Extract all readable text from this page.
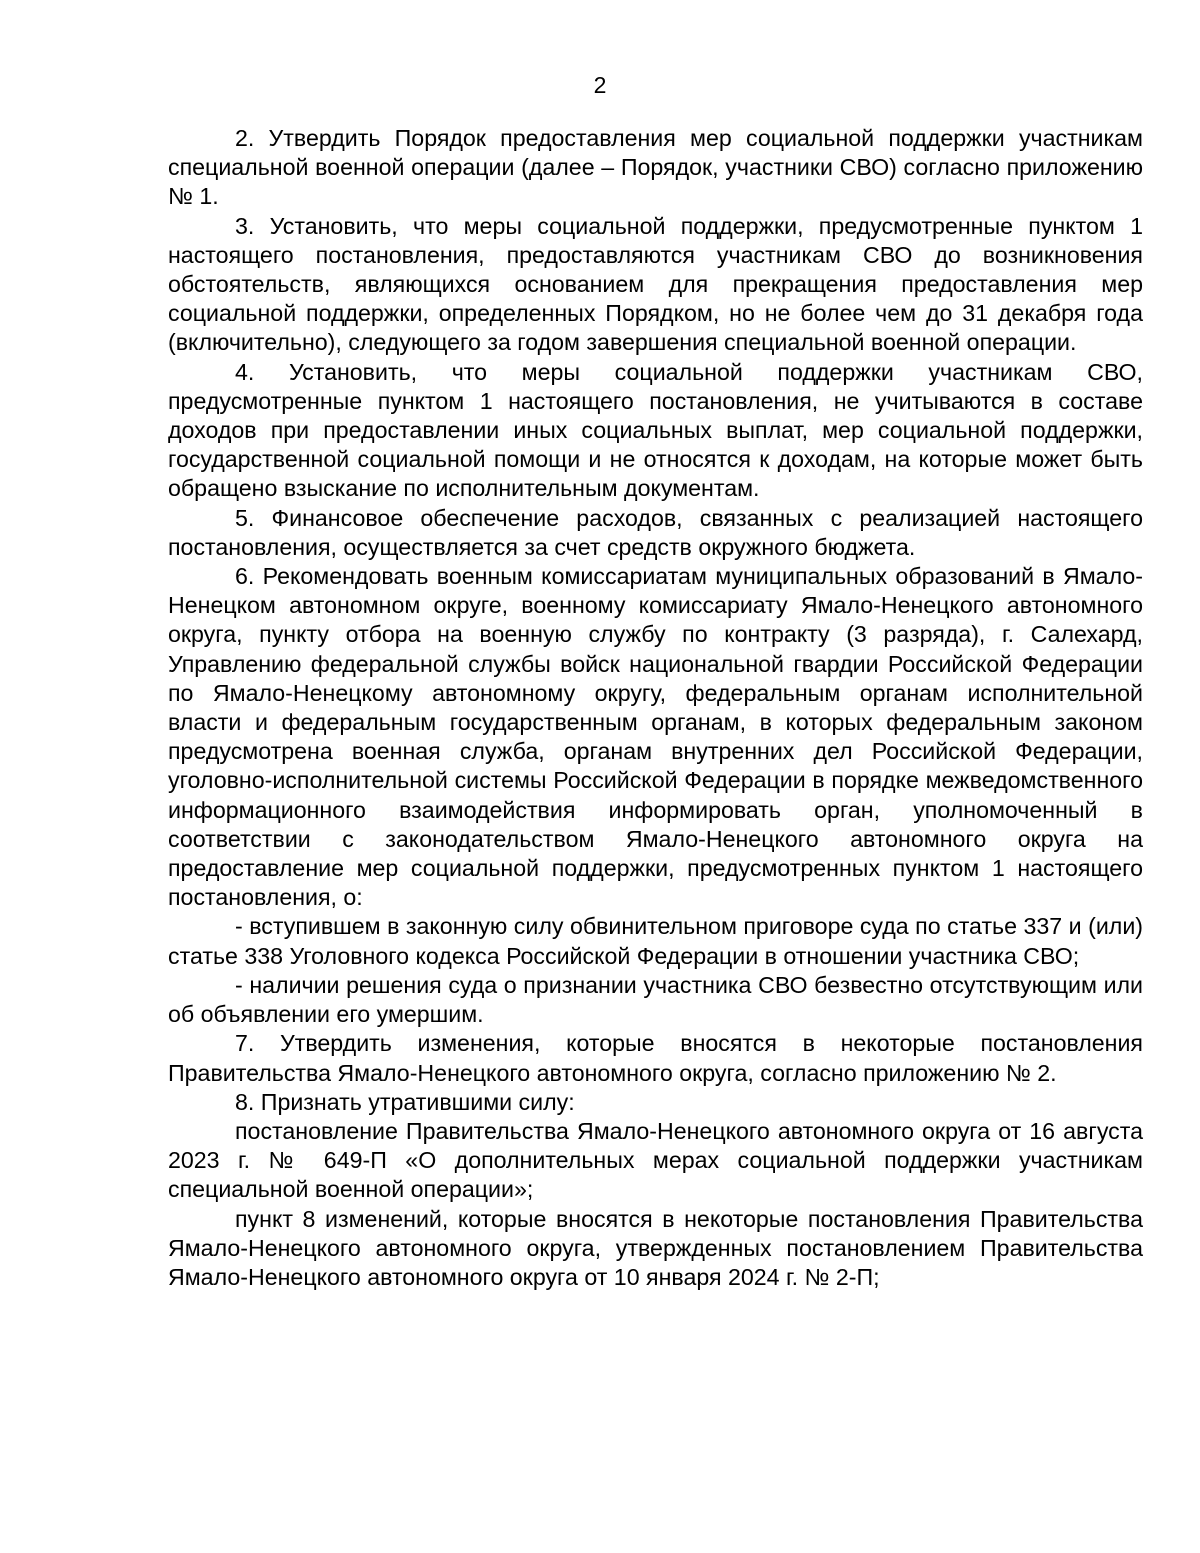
2

2. Утвердить Порядок предоставления мер социальной поддержки участникам специальной военной операции (далее – Порядок, участники СВО) согласно приложению № 1.

3. Установить, что меры социальной поддержки, предусмотренные пунктом 1 настоящего постановления, предоставляются участникам СВО до возникновения обстоятельств, являющихся основанием для прекращения предоставления мер социальной поддержки, определенных Порядком, но не более чем до 31 декабря года (включительно), следующего за годом завершения специальной военной операции.

4. Установить, что меры социальной поддержки участникам СВО, предусмотренные пунктом 1 настоящего постановления, не учитываются в составе доходов при предоставлении иных социальных выплат, мер социальной поддержки, государственной социальной помощи и не относятся к доходам, на которые может быть обращено взыскание по исполнительным документам.

5. Финансовое обеспечение расходов, связанных с реализацией настоящего постановления, осуществляется за счет средств окружного бюджета.

6. Рекомендовать военным комиссариатам муниципальных образований в Ямало-Ненецком автономном округе, военному комиссариату Ямало-Ненецкого автономного округа, пункту отбора на военную службу по контракту (3 разряда), г. Салехард, Управлению федеральной службы войск национальной гвардии Российской Федерации по Ямало-Ненецкому автономному округу, федеральным органам исполнительной власти и федеральным государственным органам, в которых федеральным законом предусмотрена военная служба, органам внутренних дел Российской Федерации, уголовно-исполнительной системы Российской Федерации в порядке межведомственного информационного взаимодействия информировать орган, уполномоченный в соответствии с законодательством Ямало-Ненецкого автономного округа на предоставление мер социальной поддержки, предусмотренных пунктом 1 настоящего постановления, о:

- вступившем в законную силу обвинительном приговоре суда по статье 337 и (или) статье 338 Уголовного кодекса Российской Федерации в отношении участника СВО;

- наличии решения суда о признании участника СВО безвестно отсутствующим или об объявлении его умершим.

7. Утвердить изменения, которые вносятся в некоторые постановления Правительства Ямало-Ненецкого автономного округа, согласно приложению № 2.

8. Признать утратившими силу:

постановление Правительства Ямало-Ненецкого автономного округа от 16 августа 2023 г. № 649-П «О дополнительных мерах социальной поддержки участникам специальной военной операции»;

пункт 8 изменений, которые вносятся в некоторые постановления Правительства Ямало-Ненецкого автономного округа, утвержденных постановлением Правительства Ямало-Ненецкого автономного округа от 10 января 2024 г. № 2-П;
